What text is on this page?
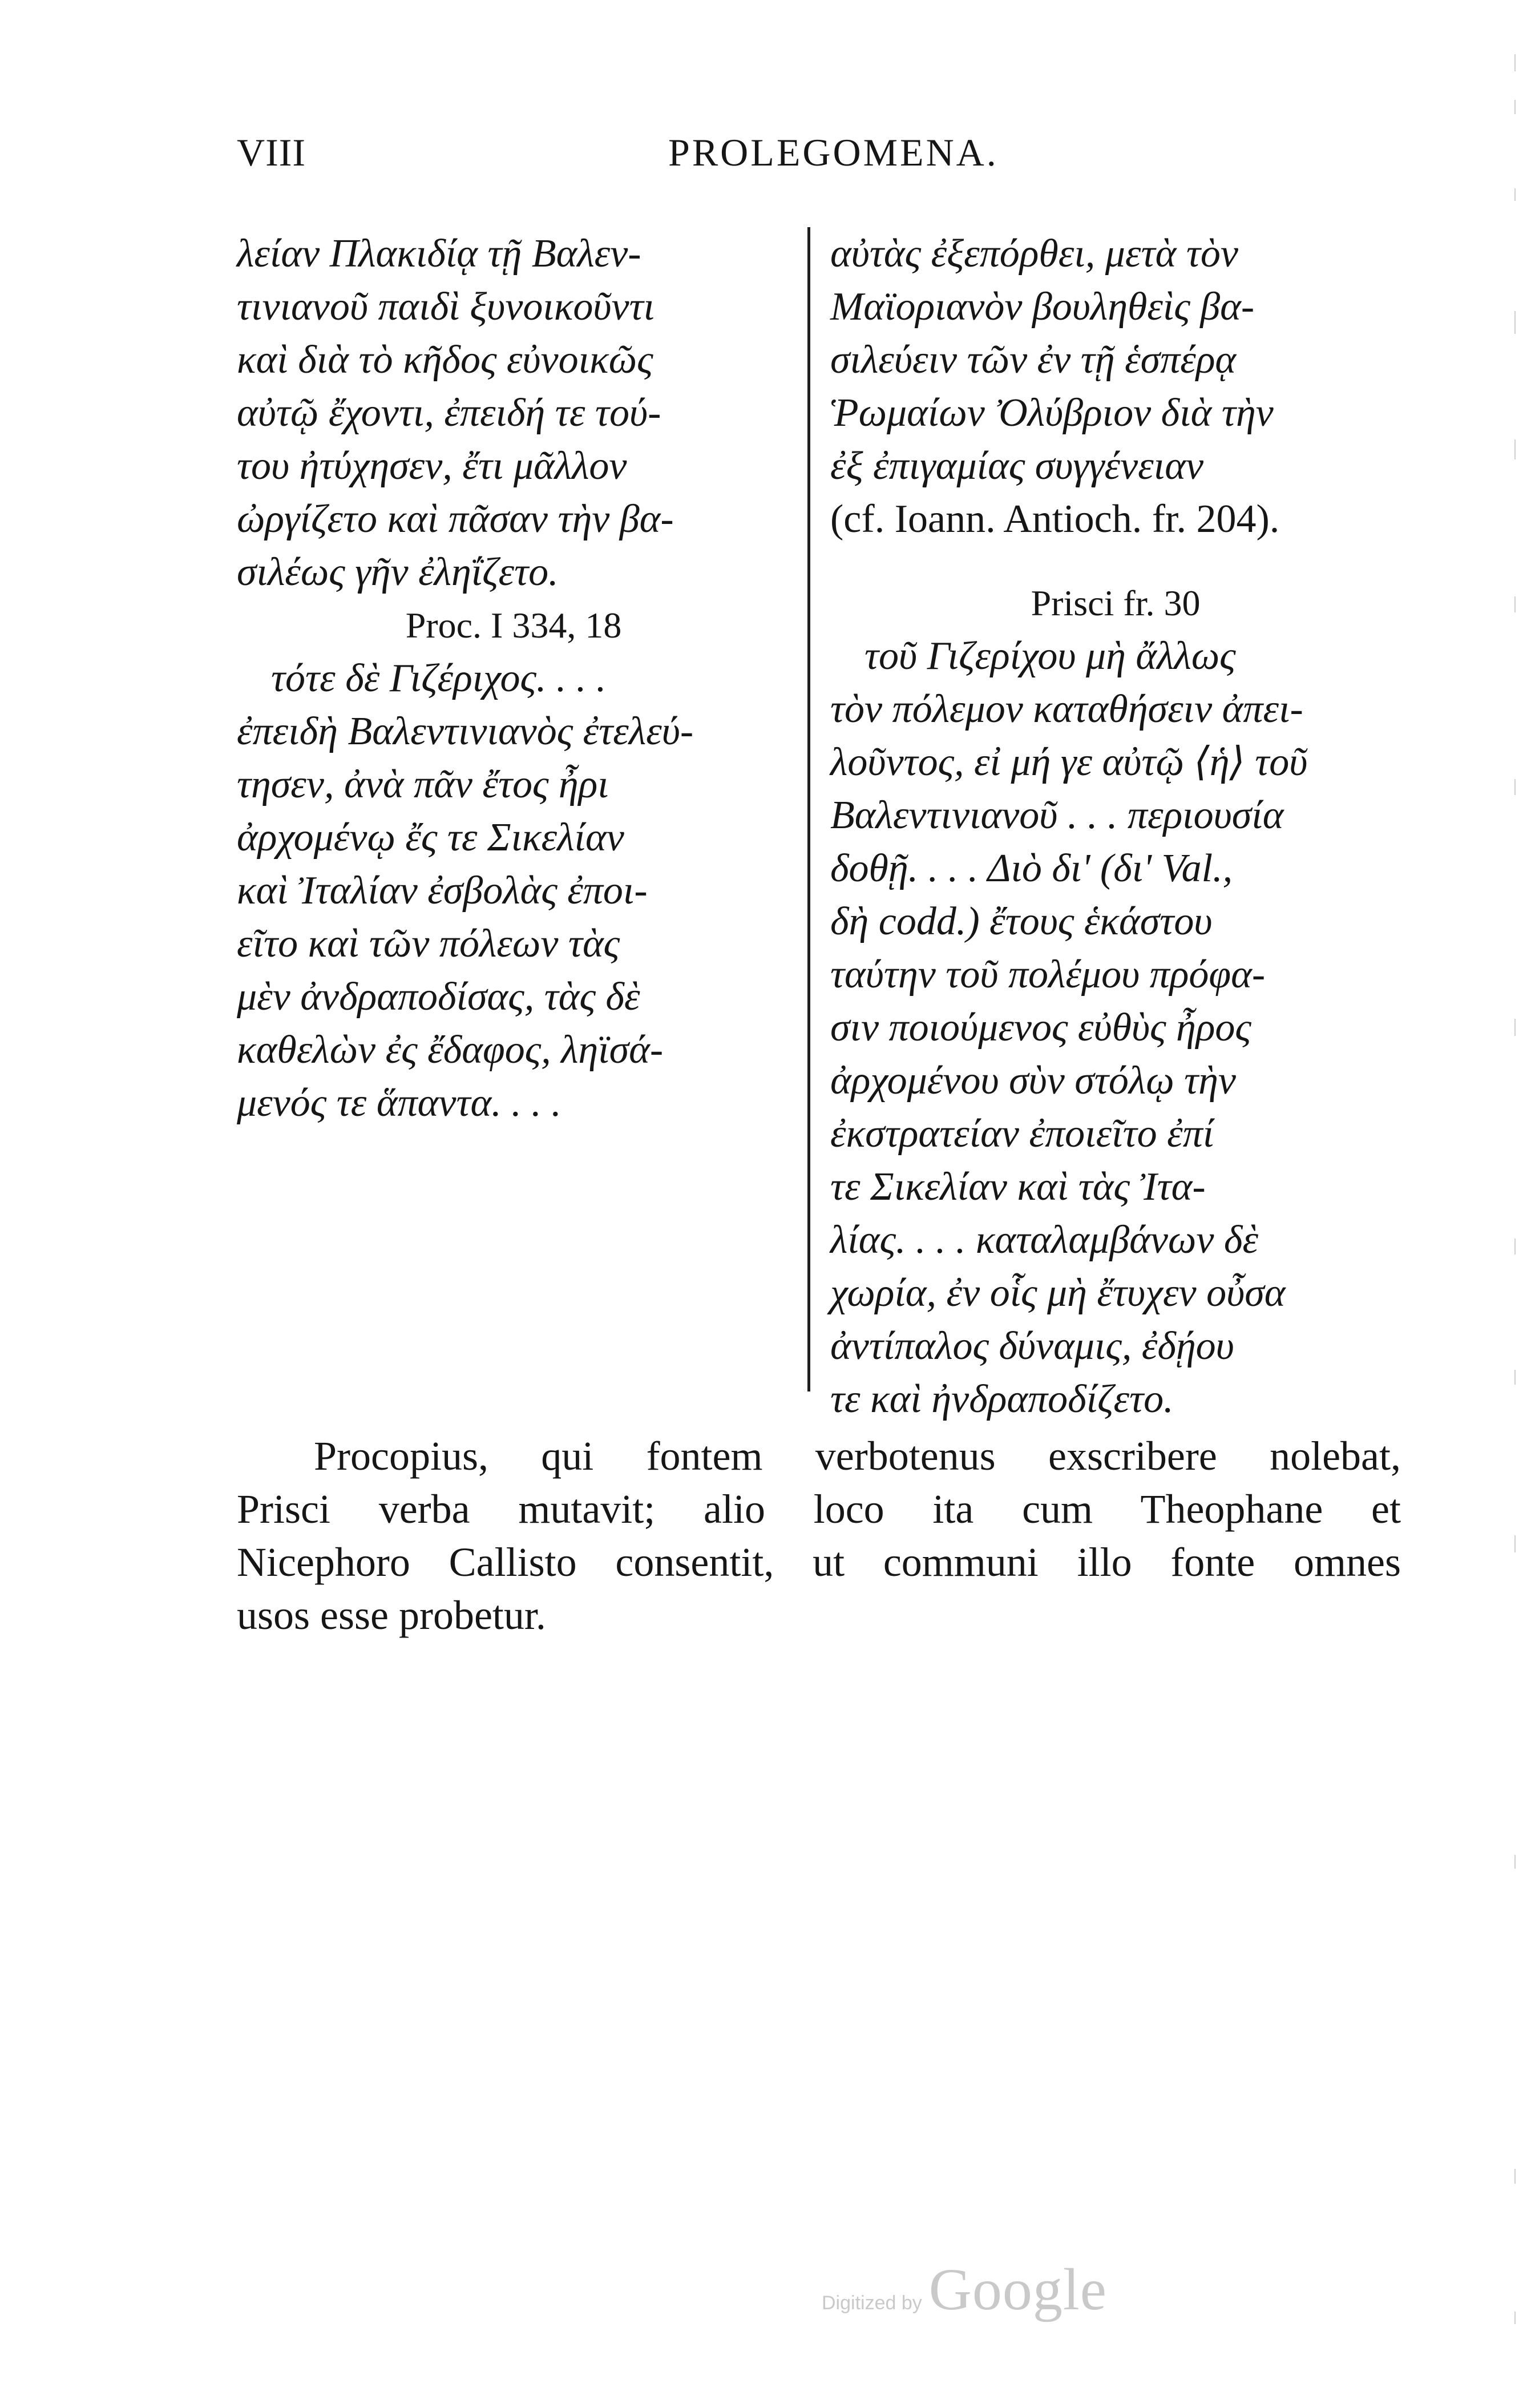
VIII	PROLEGOMENA.
λείαν Πλακιδίᾳ τῇ Βαλεν-
τινιανοῦ παιδὶ ξυνοικοῦντι
καὶ διὰ τὸ κῆδος εὐνοικῶς
αὐτῷ ἔχοντι, ἐπειδή τε τού-
του ἠτύχησεν, ἔτι μᾶλλον
ὠργίζετο καὶ πᾶσαν τὴν βα-
σιλέως γῆν ἐληΐζετο.
Proc. I 334, 18
τότε δὲ Γιζέριχος. . . .
ἐπειδὴ Βαλεντινιανὸς ἐτελεύ-
τησεν, ἀνὰ πᾶν ἔτος ἦρι
ἀρχομένῳ ἔς τε Σικελίαν
καὶ Ἰταλίαν ἐσβολὰς ἐποι-
εῖτο καὶ τῶν πόλεων τὰς
μὲν ἀνδραποδίσας, τὰς δὲ
καθελὼν ἐς ἔδαφος, ληϊσά-
μενός τε ἅπαντα. . . .
αὐτὰς ἐξεπόρθει, μετὰ τὸν
Μαϊοριανὸν βουληθεὶς βα-
σιλεύειν τῶν ἐν τῇ ἑσπέρᾳ
Ῥωμαίων Ὀλύβριον διὰ τὴν
ἐξ ἐπιγαμίας συγγένειαν
(cf. Ioann. Antioch. fr. 204).
Prisci fr. 30
τοῦ Γιζερίχου μὴ ἄλλως
τὸν πόλεμον καταθήσειν ἀπει-
λοῦντος, εἰ μή γε αὐτῷ ⟨ἡ⟩ τοῦ
Βαλεντινιανοῦ . . . περιουσία
δοθῇ. . . . Διὸ δι' (δι' Val.,
δὴ codd.) ἔτους ἑκάστου
ταύτην τοῦ πολέμου πρόφα-
σιν ποιούμενος εὐθὺς ἦρος
ἀρχομένου σὺν στόλῳ τὴν
ἐκστρατείαν ἐποιεῖτο ἐπί
τε Σικελίαν καὶ τὰς Ἰτα-
λίας. . . . καταλαμβάνων δὲ
χωρία, ἐν οἷς μὴ ἔτυχεν οὖσα
ἀντίπαλος δύναμις, ἐδῄου
τε καὶ ἠνδραποδίζετο.
Procopius, qui fontem verbotenus exscribere nolebat,
Prisci verba mutavit; alio loco ita cum Theophane et
Nicephoro Callisto consentit, ut communi illo fonte omnes
usos esse probetur.
Digitized by Google
